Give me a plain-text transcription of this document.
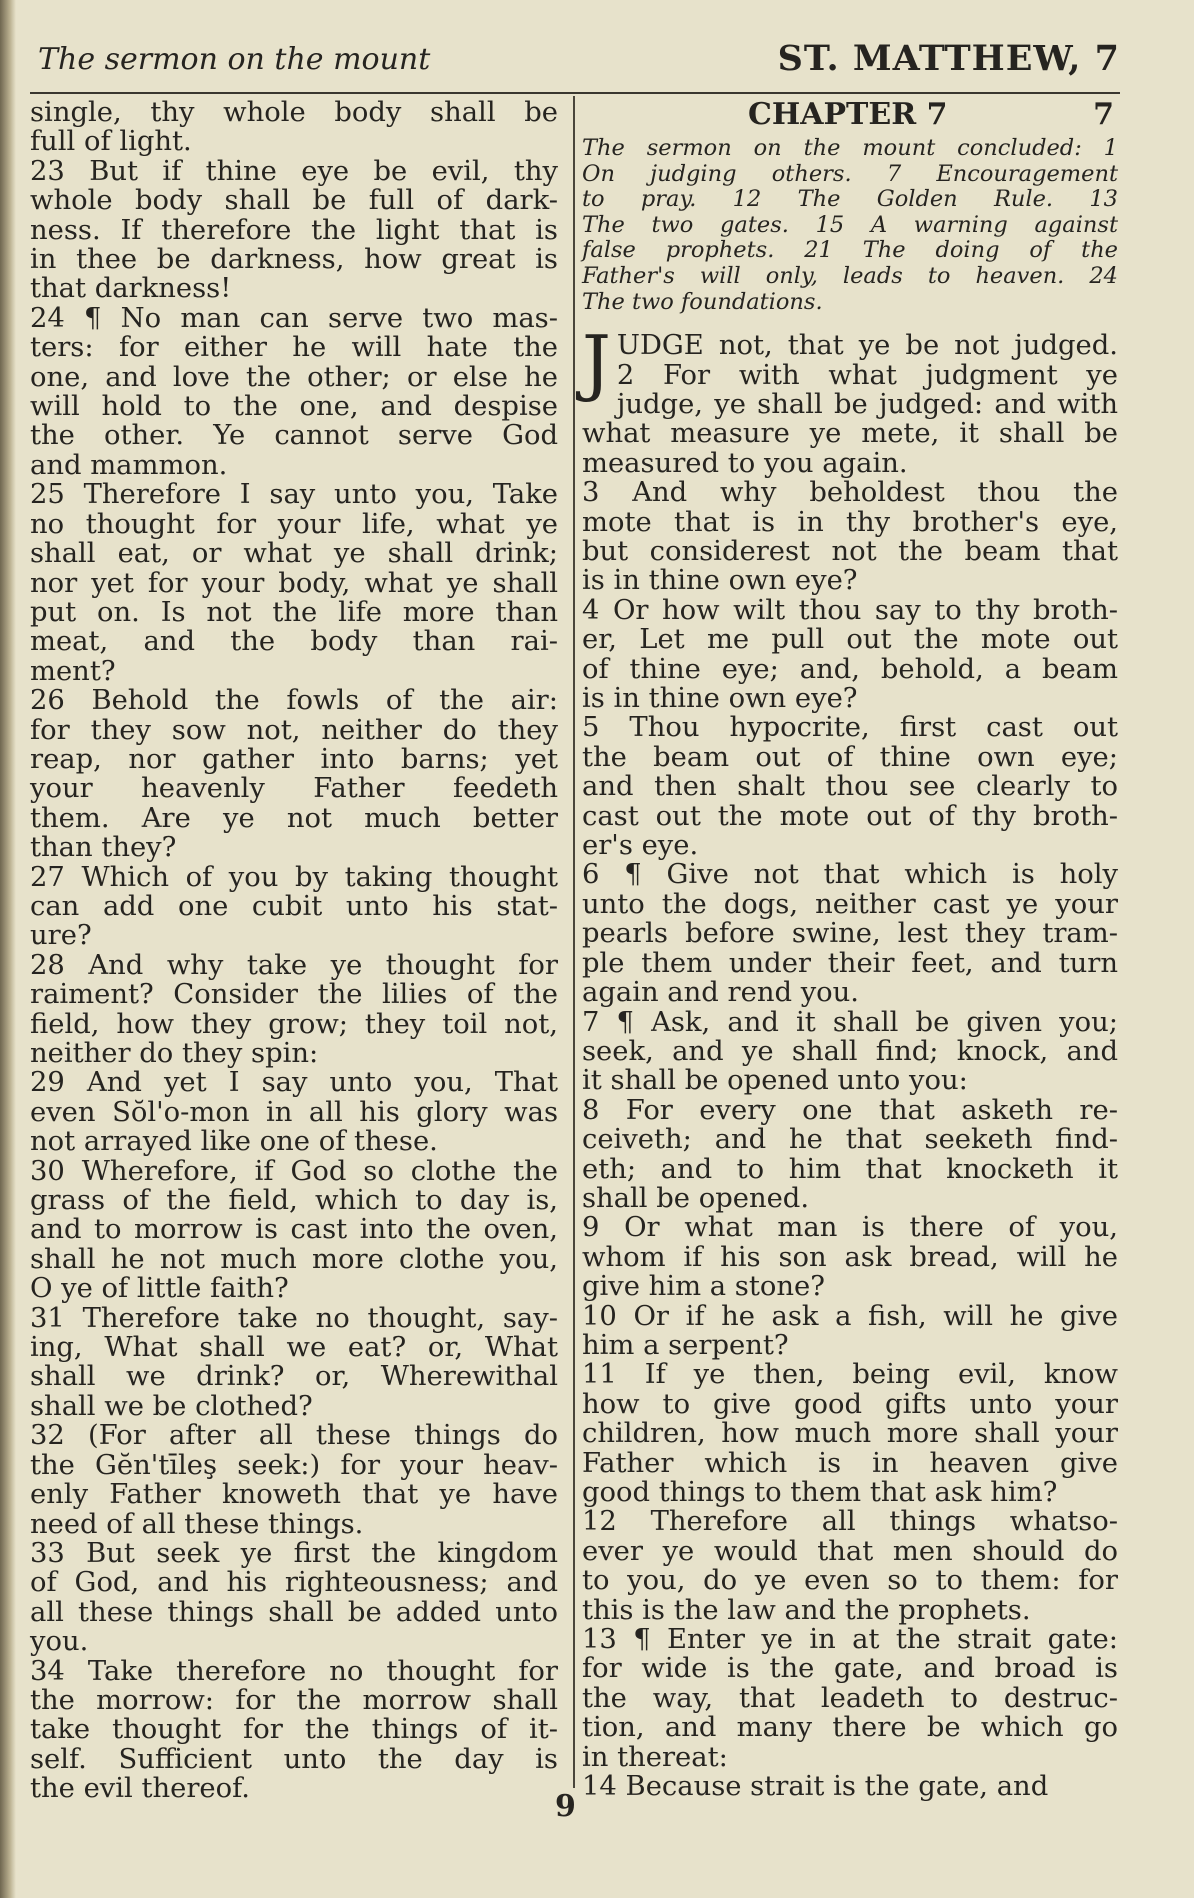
The sermon on the mount	ST. MATTHEW, 7
single, thy whole body shall be
full of light.
23 But if thine eye be evil, thy
whole body shall be full of dark-
ness. If therefore the light that is
in thee be darkness, how great is
that darkness!
24 ¶ No man can serve two mas-
ters: for either he will hate the
one, and love the other; or else he
will hold to the one, and despise
the other. Ye cannot serve God
and mammon.
25 Therefore I say unto you, Take
no thought for your life, what ye
shall eat, or what ye shall drink;
nor yet for your body, what ye shall
put on. Is not the life more than
meat, and the body than rai-
ment?
26 Behold the fowls of the air:
for they sow not, neither do they
reap, nor gather into barns; yet
your heavenly Father feedeth
them. Are ye not much better
than they?
27 Which of you by taking thought
can add one cubit unto his stat-
ure?
28 And why take ye thought for
raiment? Consider the lilies of the
field, how they grow; they toil not,
neither do they spin:
29 And yet I say unto you, That
even Sŏl'o-mon in all his glory was
not arrayed like one of these.
30 Wherefore, if God so clothe the
grass of the field, which to day is,
and to morrow is cast into the oven,
shall he not much more clothe you,
O ye of little faith?
31 Therefore take no thought, say-
ing, What shall we eat? or, What
shall we drink? or, Wherewithal
shall we be clothed?
32 (For after all these things do
the Gĕn'tīleş seek:) for your heav-
enly Father knoweth that ye have
need of all these things.
33 But seek ye first the kingdom
of God, and his righteousness; and
all these things shall be added unto
you.
34 Take therefore no thought for
the morrow: for the morrow shall
take thought for the things of it-
self. Sufficient unto the day is
the evil thereof.
CHAPTER 7	7
The sermon on the mount concluded: 1
On judging others. 7 Encouragement
to pray. 12 The Golden Rule. 13
The two gates. 15 A warning against
false prophets. 21 The doing of the
Father's will only, leads to heaven. 24
The two foundations.
J UDGE not, that ye be not judged.
2 For with what judgment ye
judge, ye shall be judged: and with
what measure ye mete, it shall be
measured to you again.
3 And why beholdest thou the
mote that is in thy brother's eye,
but considerest not the beam that
is in thine own eye?
4 Or how wilt thou say to thy broth-
er, Let me pull out the mote out
of thine eye; and, behold, a beam
is in thine own eye?
5 Thou hypocrite, first cast out
the beam out of thine own eye;
and then shalt thou see clearly to
cast out the mote out of thy broth-
er's eye.
6 ¶ Give not that which is holy
unto the dogs, neither cast ye your
pearls before swine, lest they tram-
ple them under their feet, and turn
again and rend you.
7 ¶ Ask, and it shall be given you;
seek, and ye shall find; knock, and
it shall be opened unto you:
8 For every one that asketh re-
ceiveth; and he that seeketh find-
eth; and to him that knocketh it
shall be opened.
9 Or what man is there of you,
whom if his son ask bread, will he
give him a stone?
10 Or if he ask a fish, will he give
him a serpent?
11 If ye then, being evil, know
how to give good gifts unto your
children, how much more shall your
Father which is in heaven give
good things to them that ask him?
12 Therefore all things whatso-
ever ye would that men should do
to you, do ye even so to them: for
this is the law and the prophets.
13 ¶ Enter ye in at the strait gate:
for wide is the gate, and broad is
the way, that leadeth to destruc-
tion, and many there be which go
in thereat:
14 Because strait is the gate, and
9
